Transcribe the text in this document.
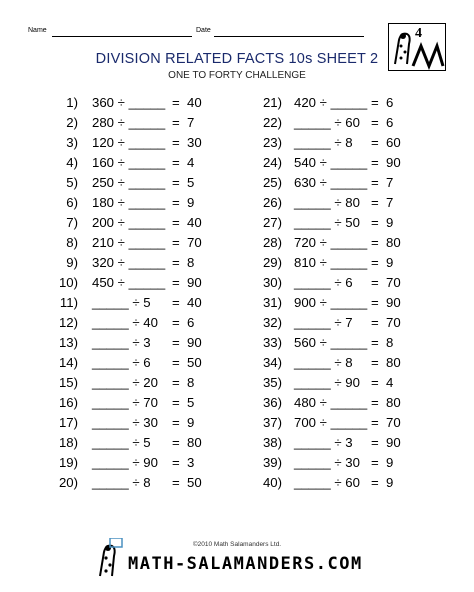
Name	Date
DIVISION RELATED FACTS 10s SHEET 2
ONE TO FORTY CHALLENGE
4
1) 360 ÷ _____ = 40
2) 280 ÷ _____ = 7
3) 120 ÷ _____ = 30
4) 160 ÷ _____ = 4
5) 250 ÷ _____ = 5
6) 180 ÷ _____ = 9
7) 200 ÷ _____ = 40
8) 210 ÷ _____ = 70
9) 320 ÷ _____ = 8
10) 450 ÷ _____ = 90
11) _____ ÷ 5 = 40
12) _____ ÷ 40 = 6
13) _____ ÷ 3 = 90
14) _____ ÷ 6 = 50
15) _____ ÷ 20 = 8
16) _____ ÷ 70 = 5
17) _____ ÷ 30 = 9
18) _____ ÷ 5 = 80
19) _____ ÷ 90 = 3
20) _____ ÷ 8 = 50
21) 420 ÷ _____ = 6
22) _____ ÷ 60 = 6
23) _____ ÷ 8 = 60
24) 540 ÷ _____ = 90
25) 630 ÷ _____ = 7
26) _____ ÷ 80 = 7
27) _____ ÷ 50 = 9
28) 720 ÷ _____ = 80
29) 810 ÷ _____ = 9
30) _____ ÷ 6 = 70
31) 900 ÷ _____ = 90
32) _____ ÷ 7 = 70
33) 560 ÷ _____ = 8
34) _____ ÷ 8 = 80
35) _____ ÷ 90 = 4
36) 480 ÷ _____ = 80
37) 700 ÷ _____ = 70
38) _____ ÷ 3 = 90
39) _____ ÷ 30 = 9
40) _____ ÷ 60 = 9
©2010 Math Salamanders Ltd.
MATH-SALAMANDERS.COM
